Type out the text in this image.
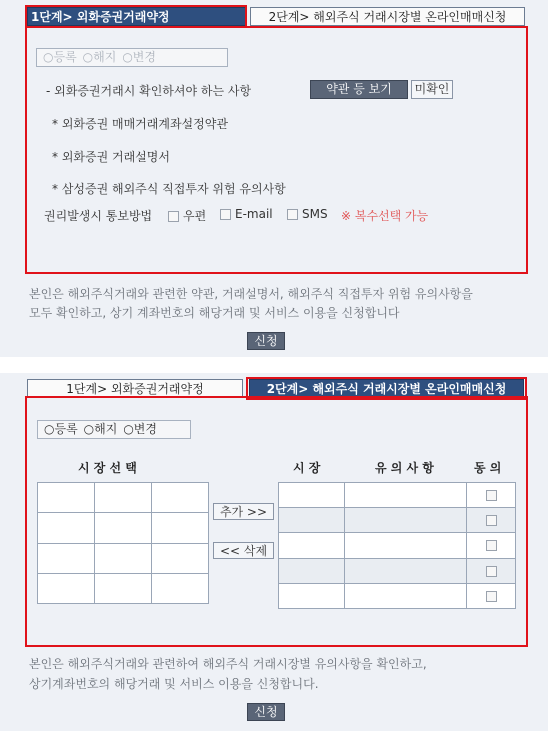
1단계> 외화증권거래약정	2단계> 해외주식 거래시장별 온라인매매신청
○등록 ○해지 ○변경
- 외화증권거래시 확인하셔야 하는 사항	약관 등 보기	미확인
* 외화증권 매매거래계좌설정약관
* 외화증권 거래설명서
* 삼성증권 해외주식 직접투자 위험 유의사항
권리발생시 통보방법	우편	E-mail	SMS ※ 복수선택 가능
본인은 해외주식거래와 관련한 약관, 거래설명서, 해외주식 직접투자 위험 유의사항을
모두 확인하고, 상기 계좌번호의 해당거래 및 서비스 이용을 신청합니다
신청
1단계> 외화증권거래약정	2단계> 해외주식 거래시장별 온라인매매신청
○등록 ○해지 ○변경
시 장 선 택	시 장	유 의 사 항	동 의

추가 >>
<< 삭제

본인은 해외주식거래와 관련하여 해외주식 거래시장별 유의사항을 확인하고,
상기계좌번호의 해당거래 및 서비스 이용을 신청합니다.
신청
